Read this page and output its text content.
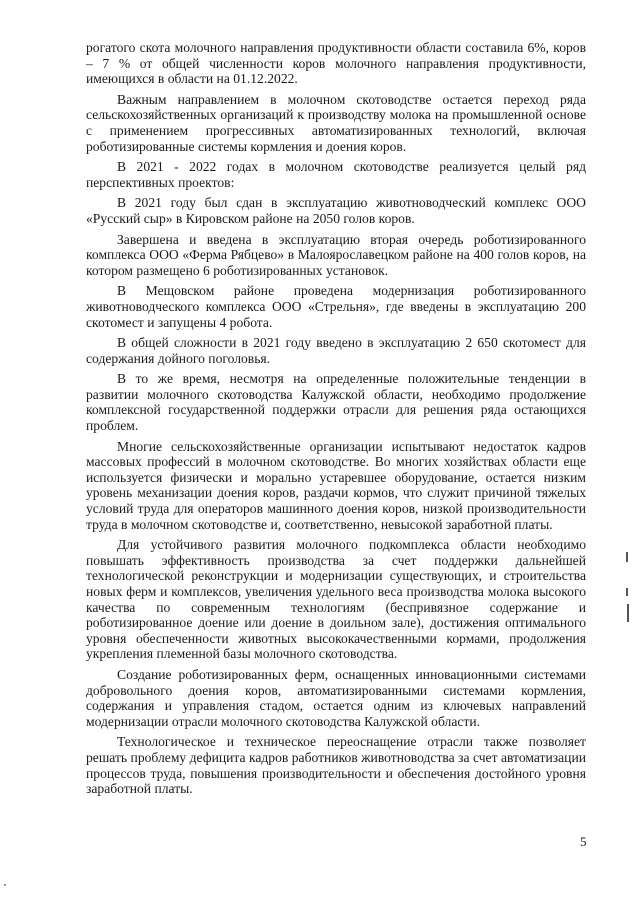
рогатого скота молочного направления продуктивности области составила 6%, коров – 7 % от общей численности коров молочного направления продуктивности, имеющихся в области на 01.12.2022.

Важным направлением в молочном скотоводстве остается переход ряда сельскохозяйственных организаций к производству молока на промышленной основе с применением прогрессивных автоматизированных технологий, включая роботизированные системы кормления и доения коров.

В 2021 - 2022 годах в молочном скотоводстве реализуется целый ряд перспективных проектов:

В 2021 году был сдан в эксплуатацию животноводческий комплекс ООО «Русский сыр» в Кировском районе на 2050 голов коров.

Завершена и введена в эксплуатацию вторая очередь роботизированного комплекса ООО «Ферма Рябцево» в Малоярославецком районе на 400 голов коров, на котором размещено 6 роботизированных установок.

В Мещовском районе проведена модернизация роботизированного животноводческого комплекса ООО «Стрельня», где введены в эксплуатацию 200 скотомест и запущены 4 робота.

В общей сложности в 2021 году введено в эксплуатацию 2 650 скотомест для содержания дойного поголовья.

В то же время, несмотря на определенные положительные тенденции в развитии молочного скотоводства Калужской области, необходимо продолжение комплексной государственной поддержки отрасли для решения ряда остающихся проблем.

Многие сельскохозяйственные организации испытывают недостаток кадров массовых профессий в молочном скотоводстве. Во многих хозяйствах области еще используется физически и морально устаревшее оборудование, остается низким уровень механизации доения коров, раздачи кормов, что служит причиной тяжелых условий труда для операторов машинного доения коров, низкой производительности труда в молочном скотоводстве и, соответственно, невысокой заработной платы.

Для устойчивого развития молочного подкомплекса области необходимо повышать эффективность производства за счет поддержки дальнейшей технологической реконструкции и модернизации существующих, и строительства новых ферм и комплексов, увеличения удельного веса производства молока высокого качества по современным технологиям (беспривязное содержание и роботизированное доение или доение в доильном зале), достижения оптимального уровня обеспеченности животных высококачественными кормами, продолжения укрепления племенной базы молочного скотоводства.

Создание роботизированных ферм, оснащенных инновационными системами добровольного доения коров, автоматизированными системами кормления, содержания и управления стадом, остается одним из ключевых направлений модернизации отрасли молочного скотоводства Калужской области.

Технологическое и техническое переоснащение отрасли также позволяет решать проблему дефицита кадров работников животноводства за счет автоматизации процессов труда, повышения производительности и обеспечения достойного уровня заработной платы.

5
